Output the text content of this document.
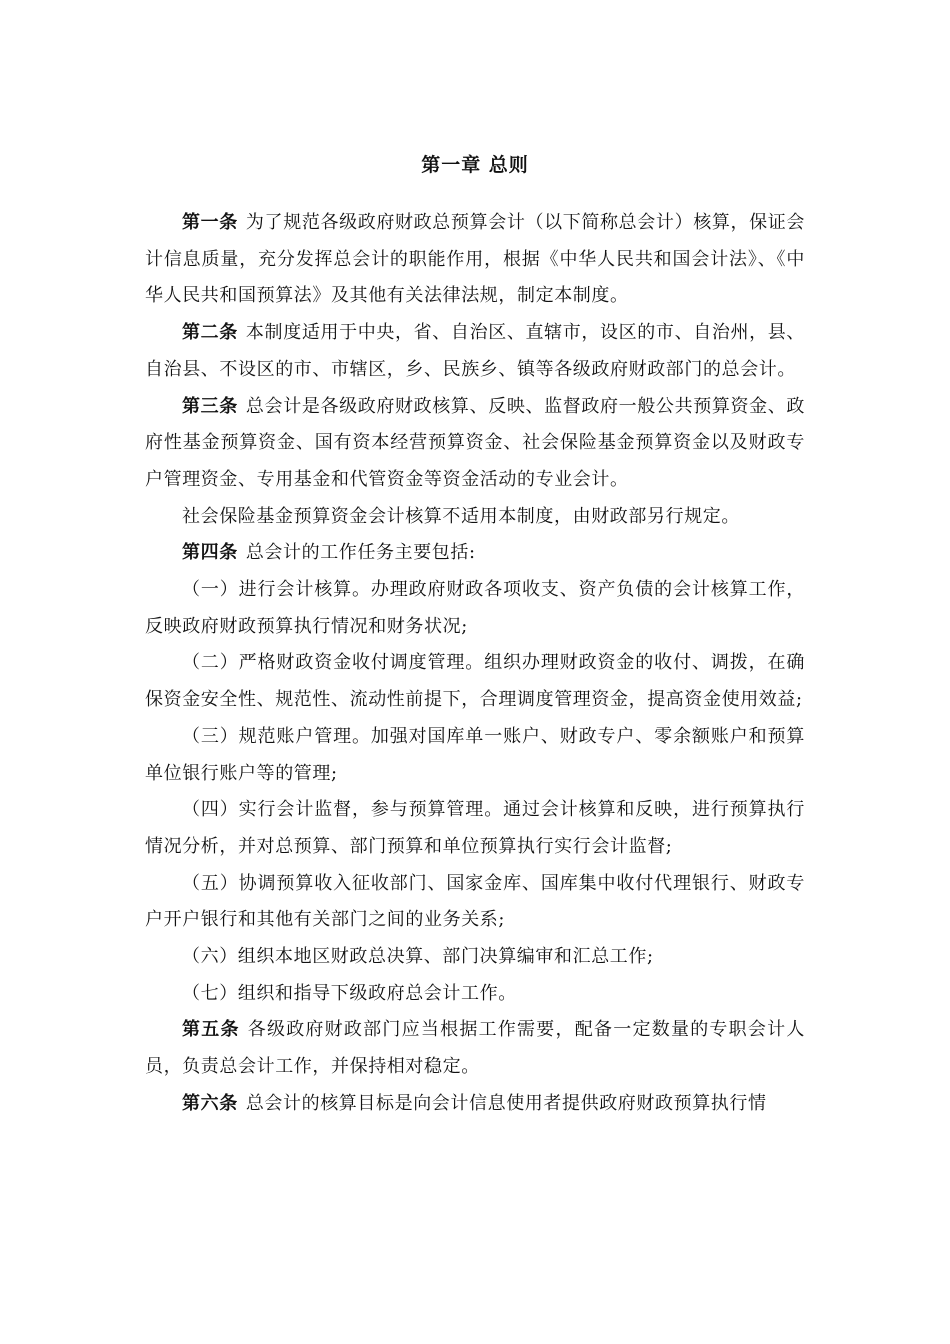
第一章 总则

第一条 为了规范各级政府财政总预算会计（以下简称总会计）核算，保证会计信息质量，充分发挥总会计的职能作用，根据《中华人民共和国会计法》、《中华人民共和国预算法》及其他有关法律法规，制定本制度。

第二条 本制度适用于中央，省、自治区、直辖市，设区的市、自治州，县、自治县、不设区的市、市辖区，乡、民族乡、镇等各级政府财政部门的总会计。

第三条 总会计是各级政府财政核算、反映、监督政府一般公共预算资金、政府性基金预算资金、国有资本经营预算资金、社会保险基金预算资金以及财政专户管理资金、专用基金和代管资金等资金活动的专业会计。

社会保险基金预算资金会计核算不适用本制度，由财政部另行规定。

第四条 总会计的工作任务主要包括:

（一）进行会计核算。办理政府财政各项收支、资产负债的会计核算工作，反映政府财政预算执行情况和财务状况;

（二）严格财政资金收付调度管理。组织办理财政资金的收付、调拨，在确保资金安全性、规范性、流动性前提下，合理调度管理资金，提高资金使用效益;

（三）规范账户管理。加强对国库单一账户、财政专户、零余额账户和预算单位银行账户等的管理;

（四）实行会计监督，参与预算管理。通过会计核算和反映，进行预算执行情况分析，并对总预算、部门预算和单位预算执行实行会计监督;

（五）协调预算收入征收部门、国家金库、国库集中收付代理银行、财政专户开户银行和其他有关部门之间的业务关系;

（六）组织本地区财政总决算、部门决算编审和汇总工作;

（七）组织和指导下级政府总会计工作。

第五条 各级政府财政部门应当根据工作需要，配备一定数量的专职会计人员，负责总会计工作，并保持相对稳定。

第六条 总会计的核算目标是向会计信息使用者提供政府财政预算执行情
